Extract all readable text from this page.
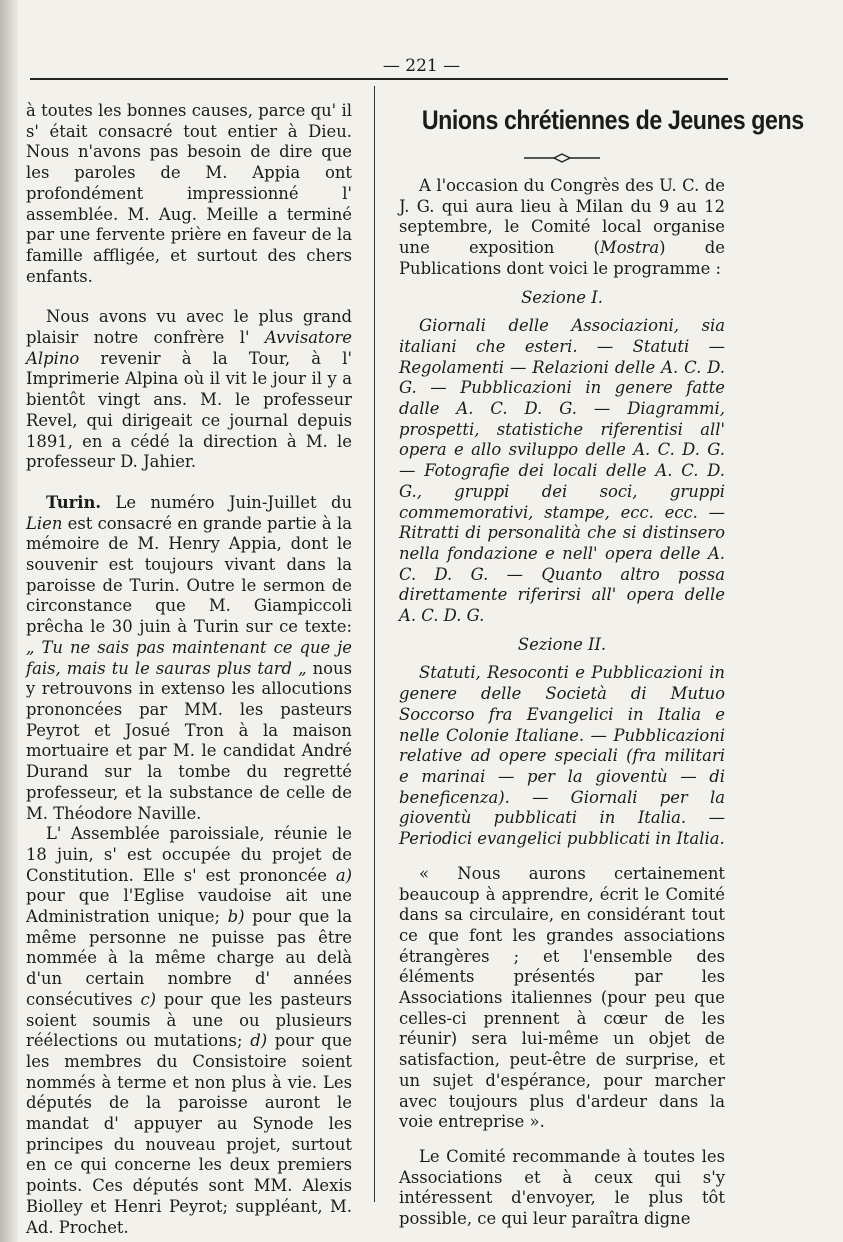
— 221 —

à toutes les bonnes causes, parce qu' il s' était consacré tout entier à Dieu. Nous n'avons pas besoin de dire que les paroles de M. Appia ont profondément impressionné l' assemblée. M. Aug. Meille a terminé par une fervente prière en faveur de la famille affligée, et surtout des chers enfants.

Nous avons vu avec le plus grand plaisir notre confrère l' Avvisatore Alpino revenir à la Tour, à l' Imprimerie Alpina où il vit le jour il y a bientôt vingt ans. M. le professeur Revel, qui dirigeait ce journal depuis 1891, en a cédé la direction à M. le professeur D. Jahier.

Turin. Le numéro Juin-Juillet du Lien est consacré en grande partie à la mémoire de M. Henry Appia, dont le souvenir est toujours vivant dans la paroisse de Turin. Outre le sermon de circonstance que M. Giampiccoli prêcha le 30 juin à Turin sur ce texte: „ Tu ne sais pas maintenant ce que je fais, mais tu le sauras plus tard „ nous y retrouvons in extenso les allocutions prononcées par MM. les pasteurs Peyrot et Josué Tron à la maison mortuaire et par M. le candidat André Durand sur la tombe du regretté professeur, et la substance de celle de M. Théodore Naville.

L' Assemblée paroissiale, réunie le 18 juin, s' est occupée du projet de Constitution. Elle s' est prononcée a) pour que l'Eglise vaudoise ait une Administration unique; b) pour que la même personne ne puisse pas être nommée à la même charge au delà d'un certain nombre d' années consécutives c) pour que les pasteurs soient soumis à une ou plusieurs réélections ou mutations; d) pour que les membres du Consistoire soient nommés à terme et non plus à vie. Les députés de la paroisse auront le mandat d' appuyer au Synode les principes du nouveau projet, surtout en ce qui concerne les deux premiers points. Ces députés sont MM. Alexis Biolley et Henri Peyrot; suppléant, M. Ad. Prochet.

Unions chrétiennes de Jeunes gens

A l'occasion du Congrès des U. C. de J. G. qui aura lieu à Milan du 9 au 12 septembre, le Comité local organise une exposition (Mostra) de Publications dont voici le programme :

Sezione I.

Giornali delle Associazioni, sia italiani che esteri. — Statuti — Regolamenti — Relazioni delle A. C. D. G. — Pubblicazioni in genere fatte dalle A. C. D. G. — Diagrammi, prospetti, statistiche riferentisi all' opera e allo sviluppo delle A. C. D. G. — Fotografie dei locali delle A. C. D. G., gruppi dei soci, gruppi commemorativi, stampe, ecc. ecc. — Ritratti di personalità che si distinsero nella fondazione e nell' opera delle A. C. D. G. — Quanto altro possa direttamente riferirsi all' opera delle A. C. D. G.

Sezione II.

Statuti, Resoconti e Pubblicazioni in genere delle Società di Mutuo Soccorso fra Evangelici in Italia e nelle Colonie Italiane. — Pubblicazioni relative ad opere speciali (fra militari e marinai — per la gioventù — di beneficenza). — Giornali per la gioventù pubblicati in Italia. — Periodici evangelici pubblicati in Italia.

« Nous aurons certainement beaucoup à apprendre, écrit le Comité dans sa circulaire, en considérant tout ce que font les grandes associations étrangères ; et l'ensemble des éléments présentés par les Associations italiennes (pour peu que celles-ci prennent à cœur de les réunir) sera lui-même un objet de satisfaction, peut-être de surprise, et un sujet d'espérance, pour marcher avec toujours plus d'ardeur dans la voie entreprise ».

Le Comité recommande à toutes les Associations et à ceux qui s'y intéressent d'envoyer, le plus tôt possible, ce qui leur paraîtra digne
